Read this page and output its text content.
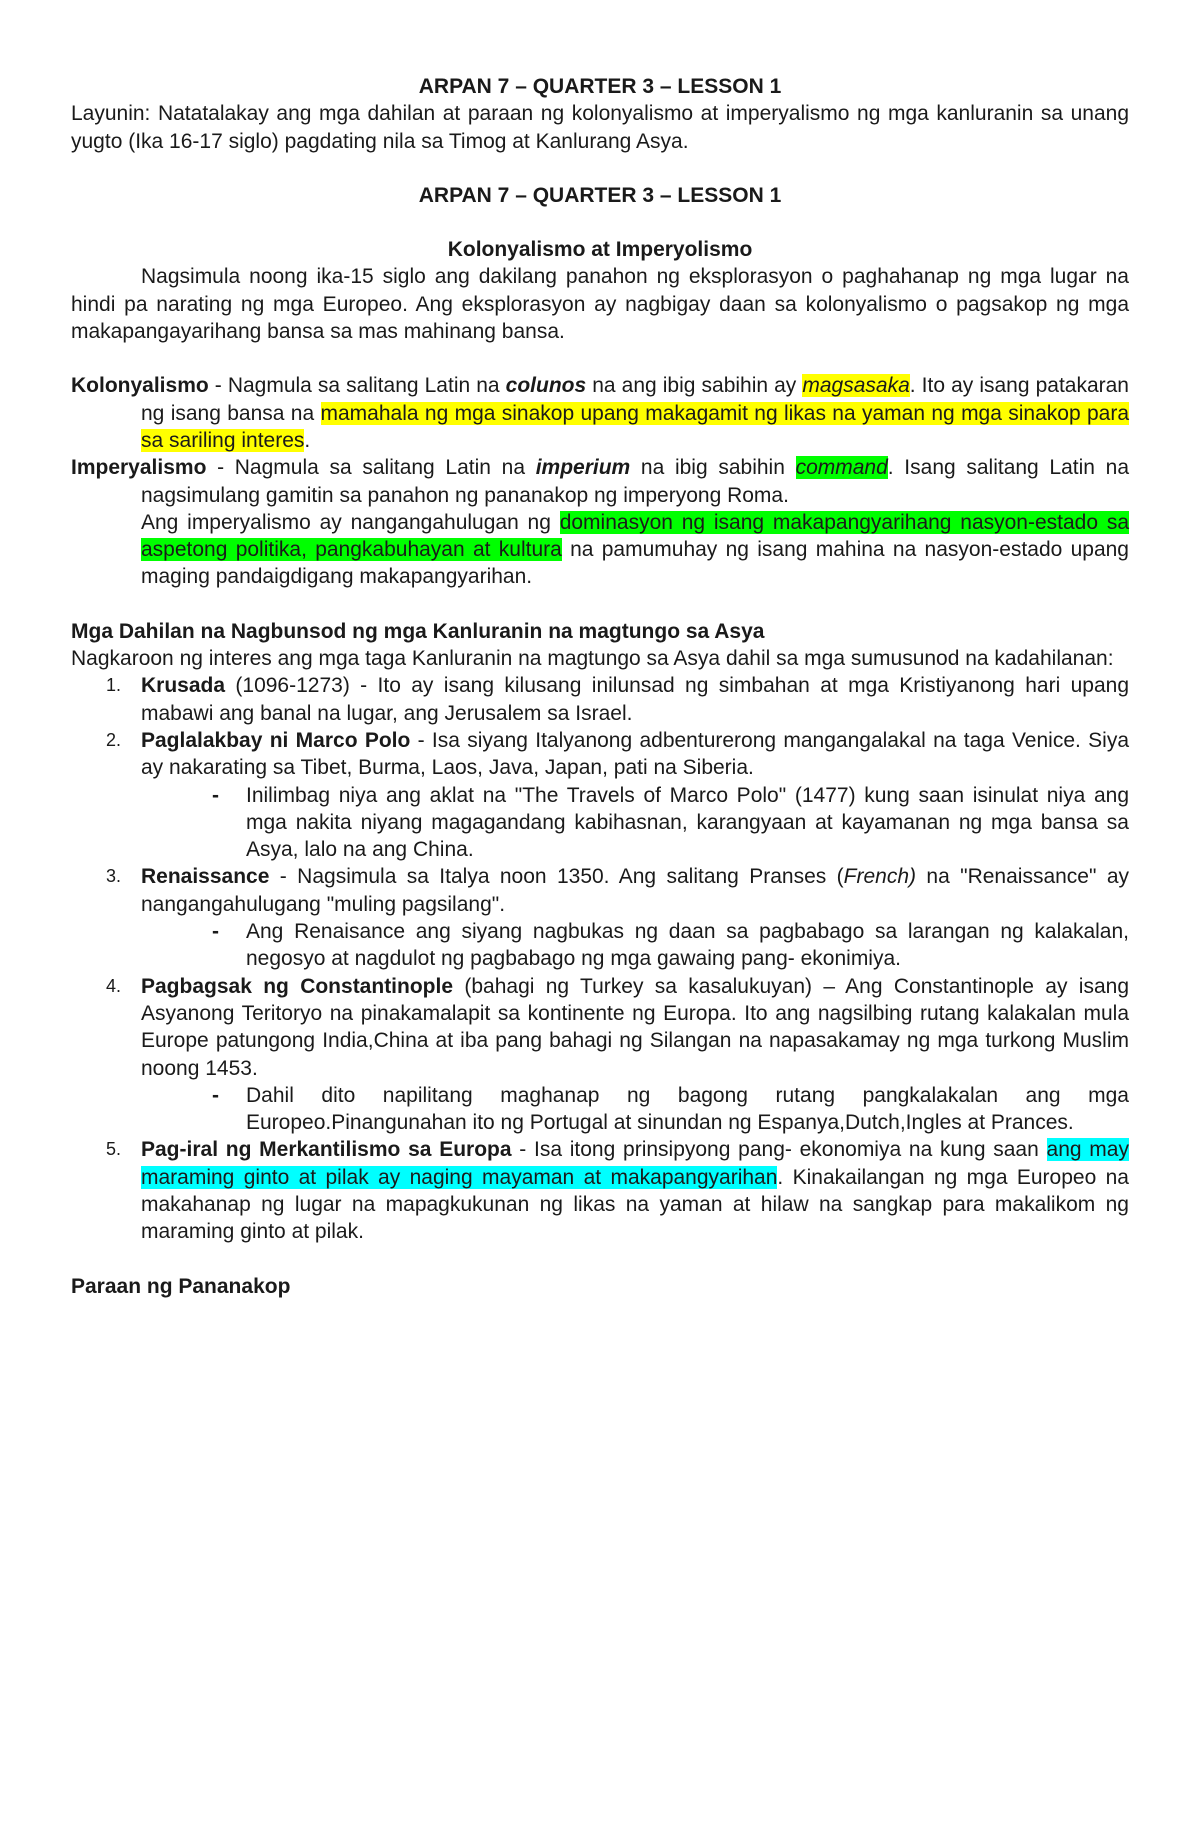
ARPAN 7 – QUARTER 3 – LESSON 1

Layunin: Natatalakay ang mga dahilan at paraan ng kolonyalismo at imperyalismo ng mga kanluranin sa unang yugto (Ika 16-17 siglo) pagdating nila sa Timog at Kanlurang Asya.

ARPAN 7 – QUARTER 3 – LESSON 1

Kolonyalismo at Imperyolismo

Nagsimula noong ika-15 siglo ang dakilang panahon ng eksplorasyon o paghahanap ng mga lugar na hindi pa narating ng mga Europeo. Ang eksplorasyon ay nagbigay daan sa kolonyalismo o pagsakop ng mga makapangayarihang bansa sa mas mahinang bansa.

Kolonyalismo - Nagmula sa salitang Latin na colunos na ang ibig sabihin ay magsasaka. Ito ay isang patakaran ng isang bansa na mamahala ng mga sinakop upang makagamit ng likas na yaman ng mga sinakop para sa sariling interes.

Imperyalismo - Nagmula sa salitang Latin na imperium na ibig sabihin command. Isang salitang Latin na nagsimulang gamitin sa panahon ng pananakop ng imperyong Roma.

Ang imperyalismo ay nangangahulugan ng dominasyon ng isang makapangyarihang nasyon-estado sa aspetong politika, pangkabuhayan at kultura na pamumuhay ng isang mahina na nasyon-estado upang maging pandaigdigang makapangyarihan.

Mga Dahilan na Nagbunsod ng mga Kanluranin na magtungo sa Asya

Nagkaroon ng interes ang mga taga Kanluranin na magtungo sa Asya dahil sa mga sumusunod na kadahilanan:

1. Krusada (1096-1273) - Ito ay isang kilusang inilunsad ng simbahan at mga Kristiyanong hari upang mabawi ang banal na lugar, ang Jerusalem sa Israel.
2. Paglalakbay ni Marco Polo - Isa siyang Italyanong adbenturerong mangangalakal na taga Venice. Siya ay nakarating sa Tibet, Burma, Laos, Java, Japan, pati na Siberia.
- Inilimbag niya ang aklat na "The Travels of Marco Polo" (1477) kung saan isinulat niya ang mga nakita niyang magagandang kabihasnan, karangyaan at kayamanan ng mga bansa sa Asya, lalo na ang China.
3. Renaissance - Nagsimula sa Italya noon 1350. Ang salitang Pranses (French) na "Renaissance" ay nangangahulugang "muling pagsilang".
- Ang Renaisance ang siyang nagbukas ng daan sa pagbabago sa larangan ng kalakalan, negosyo at nagdulot ng pagbabago ng mga gawaing pang- ekonimiya.
4. Pagbagsak ng Constantinople (bahagi ng Turkey sa kasalukuyan) – Ang Constantinople ay isang Asyanong Teritoryo na pinakamalapit sa kontinente ng Europa. Ito ang nagsilbing rutang kalakalan mula Europe patungong India,China at iba pang bahagi ng Silangan na napasakamay ng mga turkong Muslim noong 1453.
- Dahil dito napilitang maghanap ng bagong rutang pangkalakalan ang mga Europeo.Pinangunahan ito ng Portugal at sinundan ng Espanya,Dutch,Ingles at Prances.
5. Pag-iral ng Merkantilismo sa Europa - Isa itong prinsipyong pang- ekonomiya na kung saan ang may maraming ginto at pilak ay naging mayaman at makapangyarihan. Kinakailangan ng mga Europeo na makahanap ng lugar na mapagkukunan ng likas na yaman at hilaw na sangkap para makalikom ng maraming ginto at pilak.

Paraan ng Pananakop
